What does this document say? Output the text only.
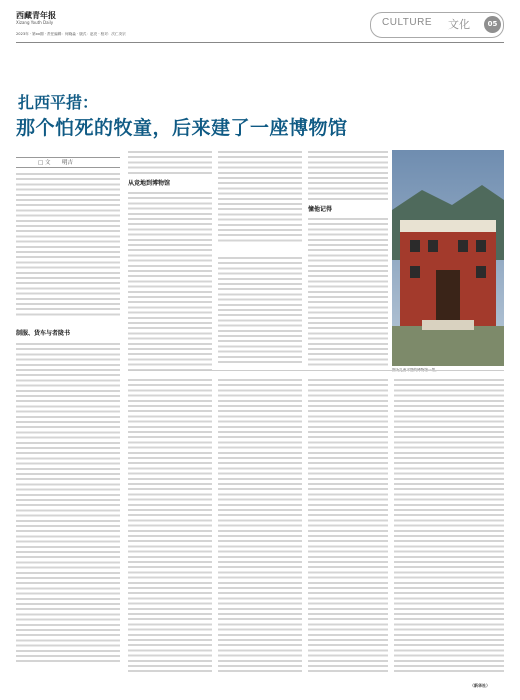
西藏青年报
Xizang Youth Daily
2023年 · 第xx期 · 责任编辑：何晓淼 · 版式：赵亮 · 校对：次仁央宗
CULTURE 文化	05
扎西平措：
那个怕死的牧童，后来建了一座博物馆
□ 文 明吉
制服、货车与者陇书
从竞地到博物馆
憧他记得
（新华社）
